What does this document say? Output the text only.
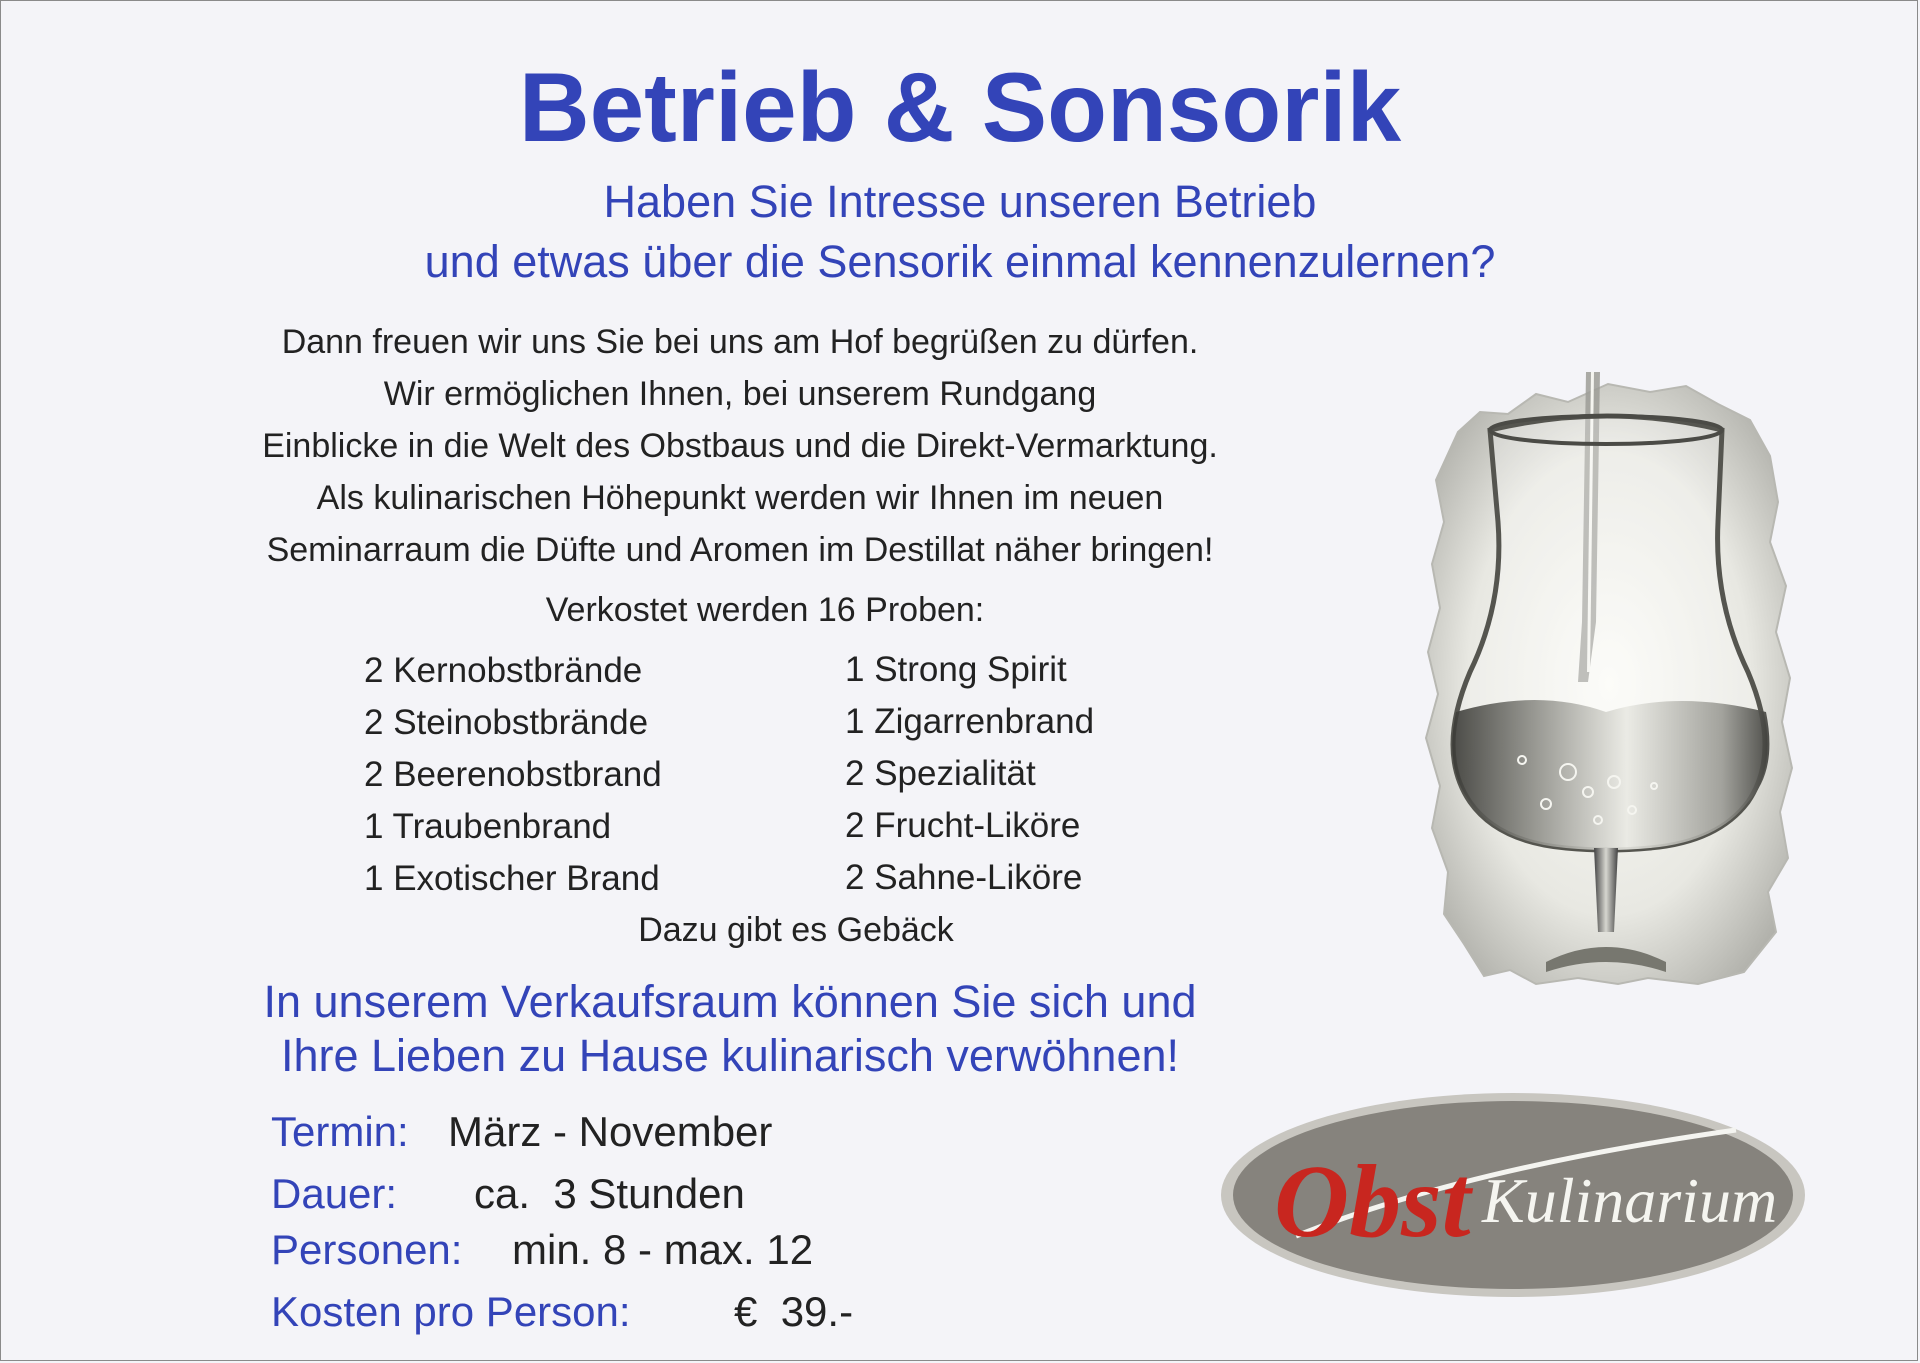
Betrieb & Sonsorik
Haben Sie Intresse unseren Betrieb
und etwas über die Sensorik einmal kennenzulernen?
Dann freuen wir uns Sie bei uns am Hof begrüßen zu dürfen.
Wir ermöglichen Ihnen, bei unserem Rundgang
Einblicke in die Welt des Obstbaus und die Direkt-Vermarktung.
Als kulinarischen Höhepunkt werden wir Ihnen im neuen
Seminarraum die Düfte und Aromen im Destillat näher bringen!
Verkostet werden 16 Proben:
2 Kernobstbrände
2 Steinobstbrände
2 Beerenobstbrand
1 Traubenbrand
1 Exotischer Brand
1 Strong Spirit
1 Zigarrenbrand
2 Spezialität
2 Frucht-Liköre
2 Sahne-Liköre
Dazu gibt es Gebäck
In unserem Verkaufsraum können Sie sich und
Ihre Lieben zu Hause kulinarisch verwöhnen!
Termin: März - November
Dauer: ca.  3 Stunden
Personen: min. 8 - max. 12
Kosten pro Person: €  39.-
Obst Kulinarium
